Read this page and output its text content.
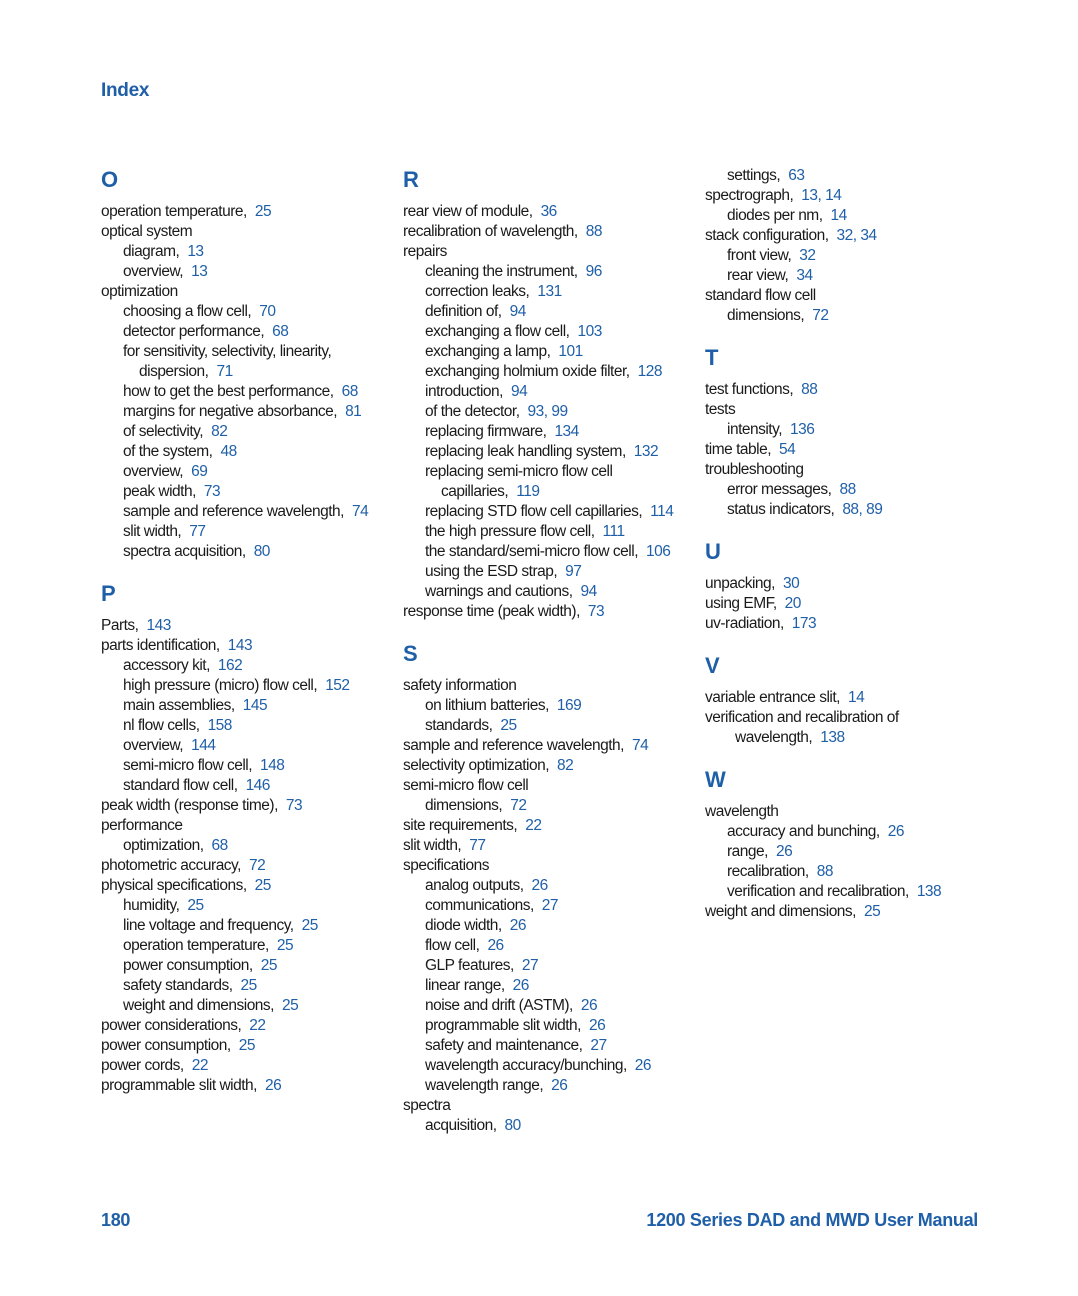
Index
O
operation temperature, 25
optical system
diagram, 13
overview, 13
optimization
choosing a flow cell, 70
detector performance, 68
for sensitivity, selectivity, linearity,
dispersion, 71
how to get the best performance, 68
margins for negative absorbance, 81
of selectivity, 82
of the system, 48
overview, 69
peak width, 73
sample and reference wavelength, 74
slit width, 77
spectra acquisition, 80
P
Parts, 143
parts identification, 143
accessory kit, 162
high pressure (micro) flow cell, 152
main assemblies, 145
nl flow cells, 158
overview, 144
semi-micro flow cell, 148
standard flow cell, 146
peak width (response time), 73
performance
optimization, 68
photometric accuracy, 72
physical specifications, 25
humidity, 25
line voltage and frequency, 25
operation temperature, 25
power consumption, 25
safety standards, 25
weight and dimensions, 25
power considerations, 22
power consumption, 25
power cords, 22
programmable slit width, 26
R
rear view of module, 36
recalibration of wavelength, 88
repairs
cleaning the instrument, 96
correction leaks, 131
definition of, 94
exchanging a flow cell, 103
exchanging a lamp, 101
exchanging holmium oxide filter, 128
introduction, 94
of the detector, 93, 99
replacing firmware, 134
replacing leak handling system, 132
replacing semi-micro flow cell
capillaries, 119
replacing STD flow cell capillaries, 114
the high pressure flow cell, 111
the standard/semi-micro flow cell, 106
using the ESD strap, 97
warnings and cautions, 94
response time (peak width), 73
S
safety information
on lithium batteries, 169
standards, 25
sample and reference wavelength, 74
selectivity optimization, 82
semi-micro flow cell
dimensions, 72
site requirements, 22
slit width, 77
specifications
analog outputs, 26
communications, 27
diode width, 26
flow cell, 26
GLP features, 27
linear range, 26
noise and drift (ASTM), 26
programmable slit width, 26
safety and maintenance, 27
wavelength accuracy/bunching, 26
wavelength range, 26
spectra
acquisition, 80
settings, 63
spectrograph, 13, 14
diodes per nm, 14
stack configuration, 32, 34
front view, 32
rear view, 34
standard flow cell
dimensions, 72
T
test functions, 88
tests
intensity, 136
time table, 54
troubleshooting
error messages, 88
status indicators, 88, 89
U
unpacking, 30
using EMF, 20
uv-radiation, 173
V
variable entrance slit, 14
verification and recalibration of
wavelength, 138
W
wavelength
accuracy and bunching, 26
range, 26
recalibration, 88
verification and recalibration, 138
weight and dimensions, 25
180	1200 Series DAD and MWD User Manual
